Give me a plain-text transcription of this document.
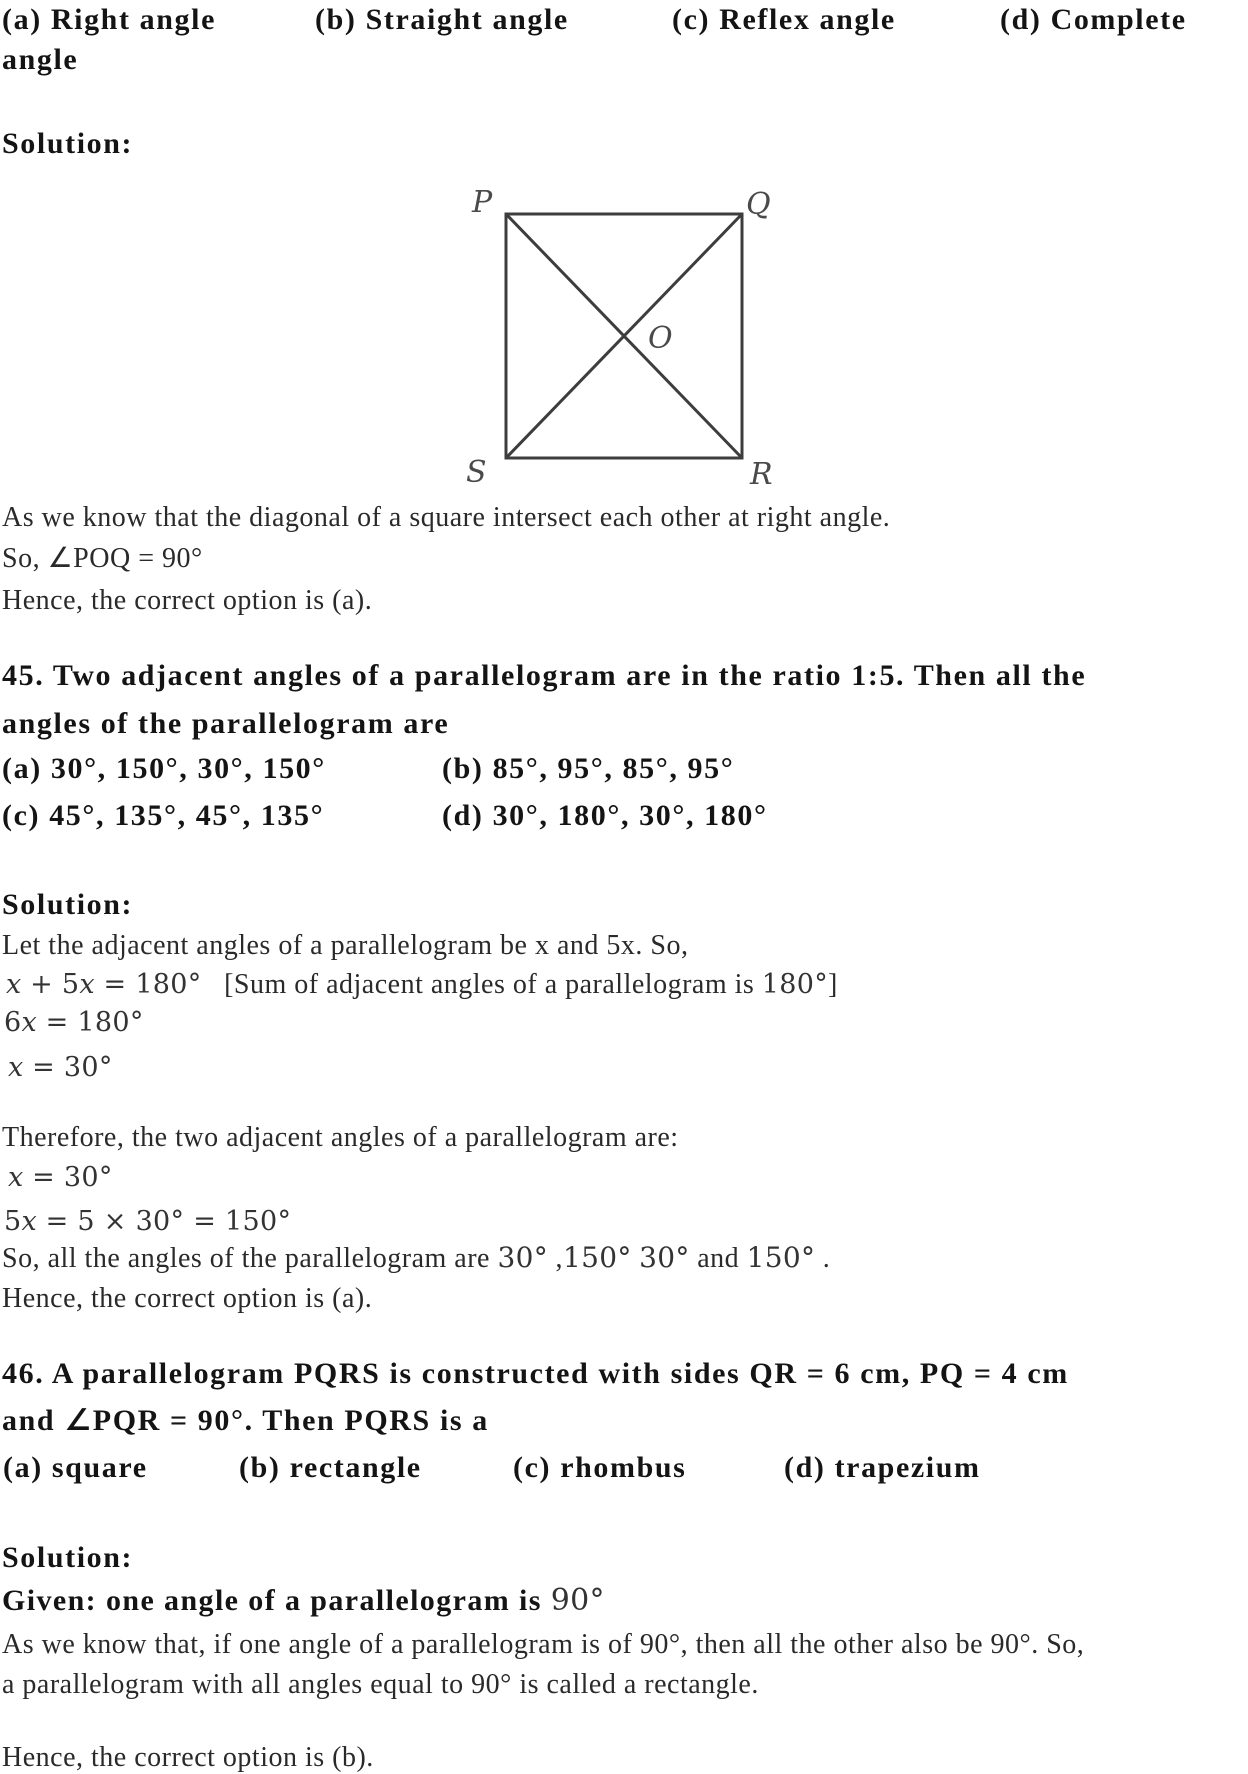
(a) Right angle	(b) Straight angle	(c) Reflex angle	(d) Complete
angle
Solution:
P	Q
O
S	R
As we know that the diagonal of a square intersect each other at right angle.
So, ∠POQ = 90°
Hence, the correct option is (a).
45. Two adjacent angles of a parallelogram are in the ratio 1:5. Then all the
angles of the parallelogram are
(a) 30°, 150°, 30°, 150°	(b) 85°, 95°, 85°, 95°
(c) 45°, 135°, 45°, 135°	(d) 30°, 180°, 30°, 180°
Solution:
Let the adjacent angles of a parallelogram be x and 5x. So,
x + 5x = 180° [Sum of adjacent angles of a parallelogram is 180°]
6x = 180°
x = 30°
Therefore, the two adjacent angles of a parallelogram are:
x = 30°
5x = 5 × 30° = 150°
So, all the angles of the parallelogram are 30° ,150° 30° and 150° .
Hence, the correct option is (a).
46. A parallelogram PQRS is constructed with sides QR = 6 cm, PQ = 4 cm
and ∠PQR = 90°. Then PQRS is a
(a) square	(b) rectangle	(c) rhombus	(d) trapezium
Solution:
Given: one angle of a parallelogram is 90°
As we know that, if one angle of a parallelogram is of 90°, then all the other also be 90°. So,
a parallelogram with all angles equal to 90° is called a rectangle.
Hence, the correct option is (b).
